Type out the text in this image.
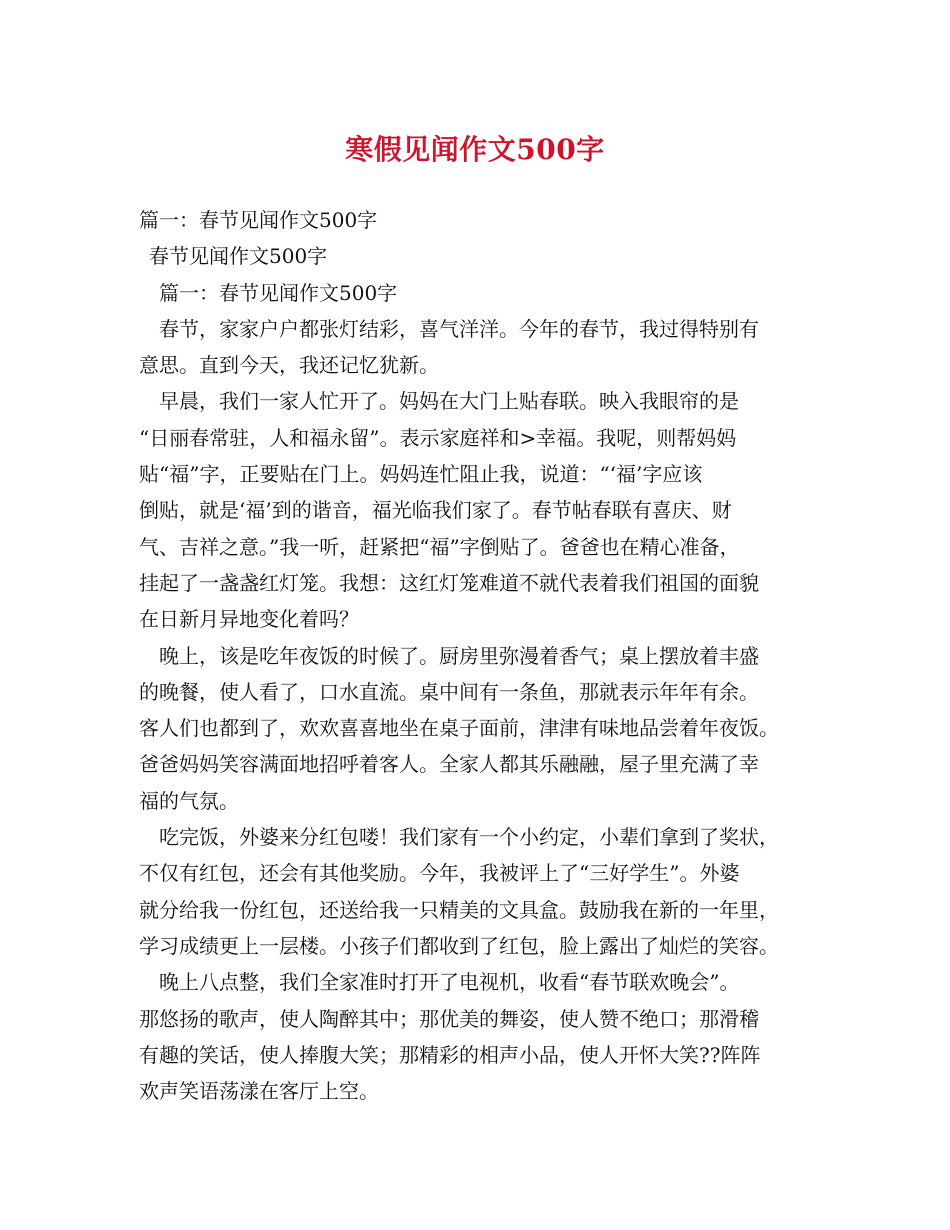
寒假见闻作文500字
篇一：春节见闻作文500字
春节见闻作文500字
篇一：春节见闻作文500字
春节，家家户户都张灯结彩，喜气洋洋。今年的春节，我过得特别有
意思。直到今天，我还记忆犹新。
早晨，我们一家人忙开了。妈妈在大门上贴春联。映入我眼帘的是
“日丽春常驻，人和福永留”。表示家庭祥和>幸福。我呢，则帮妈妈
贴“福”字，正要贴在门上。妈妈连忙阻止我，说道：“‘福’字应该
倒贴，就是‘福’到的谐音，福光临我们家了。春节帖春联有喜庆、财
气、吉祥之意。”我一听，赶紧把“福”字倒贴了。爸爸也在精心准备，
挂起了一盏盏红灯笼。我想：这红灯笼难道不就代表着我们祖国的面貌
在日新月异地变化着吗？
晚上，该是吃年夜饭的时候了。厨房里弥漫着香气；桌上摆放着丰盛
的晚餐，使人看了，口水直流。桌中间有一条鱼，那就表示年年有余。
客人们也都到了，欢欢喜喜地坐在桌子面前，津津有味地品尝着年夜饭。
爸爸妈妈笑容满面地招呼着客人。全家人都其乐融融，屋子里充满了幸
福的气氛。
吃完饭，外婆来分红包喽！我们家有一个小约定，小辈们拿到了奖状，
不仅有红包，还会有其他奖励。今年，我被评上了“三好学生”。外婆
就分给我一份红包，还送给我一只精美的文具盒。鼓励我在新的一年里，
学习成绩更上一层楼。小孩子们都收到了红包，脸上露出了灿烂的笑容。
晚上八点整，我们全家准时打开了电视机，收看“春节联欢晚会”。
那悠扬的歌声，使人陶醉其中；那优美的舞姿，使人赞不绝口；那滑稽
有趣的笑话，使人捧腹大笑；那精彩的相声小品，使人开怀大笑??阵阵
欢声笑语荡漾在客厅上空。
